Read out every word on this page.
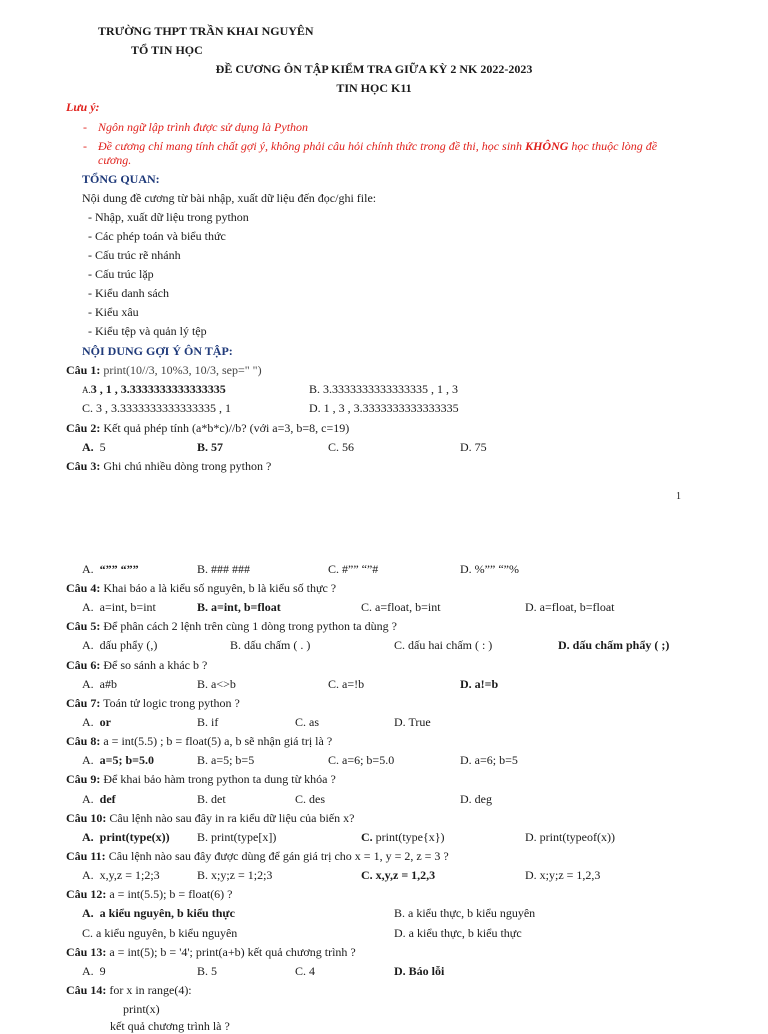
TRƯỜNG THPT TRẦN KHAI NGUYÊN
TỔ TIN HỌC
ĐỀ CƯƠNG ÔN TẬP KIỂM TRA GIỮA KỲ 2 NK 2022-2023
TIN HỌC K11
Lưu ý:
- Ngôn ngữ lập trình được sử dụng là Python
- Đề cương chỉ mang tính chất gợi ý, không phải câu hỏi chính thức trong đề thi, học sinh KHÔNG học thuộc lòng đề
cương.
TỔNG QUAN:
Nội dung đề cương từ bài nhập, xuất dữ liệu đến đọc/ghi file:
- Nhập, xuất dữ liệu trong python
- Các phép toán và biểu thức
- Cấu trúc rẽ nhánh
- Cấu trúc lặp
- Kiểu danh sách
- Kiểu xâu
- Kiểu tệp và quản lý tệp
NỘI DUNG GỢI Ý ÔN TẬP:
Câu 1: print(10//3, 10%3, 10/3, sep=" ")
A.3 , 1 , 3.3333333333333335	B. 3.3333333333333335 , 1 , 3
C. 3 , 3.3333333333333335 , 1	D. 1 , 3 , 3.3333333333333335
Câu 2: Kết quả phép tính (a*b*c)//b? (với a=3, b=8, c=19)
A. 5	B. 57	C. 56	D. 75
Câu 3: Ghi chú nhiều dòng trong python ?
1
A. “”” “””	B. ### ###	C. #”” “”#	D. %”” “”%
Câu 4: Khai báo a là kiểu số nguyên, b là kiểu số thực ?
A. a=int, b=int	B. a=int, b=float	C. a=float, b=int	D. a=float, b=float
Câu 5: Để phân cách 2 lệnh trên cùng 1 dòng trong python ta dùng ?
A. dấu phẩy (,)	B. dấu chấm ( . )	C. dấu hai chấm ( : )	D. dấu chấm phẩy ( ;)
Câu 6: Để so sánh a khác b ?
A. a#b	B. a<>b	C. a=!b	D. a!=b
Câu 7: Toán tử logic trong python ?
A. or	B. if	C. as	D. True
Câu 8: a = int(5.5) ; b = float(5) a, b sẽ nhận giá trị là ?
A. a=5; b=5.0	B. a=5; b=5	C. a=6; b=5.0	D. a=6; b=5
Câu 9: Để khai bảo hàm trong python ta dung từ khóa ?
A. def	B. det	C. des	D. deg
Câu 10: Câu lệnh nào sau đây in ra kiểu dữ liệu của biến x?
A. print(type(x)) B. print(type[x])	C. print(type{x})	D. print(typeof(x))
Câu 11: Câu lệnh nào sau đây được dùng để gán giá trị cho x = 1, y = 2, z = 3 ?
A. x,y,z = 1;2;3	B. x;y;z = 1;2;3	C. x,y,z = 1,2,3	D. x;y;z = 1,2,3
Câu 12: a = int(5.5); b = float(6) ?
A. a kiểu nguyên, b kiểu thực	B. a kiểu thực, b kiểu nguyên
C. a kiểu nguyên, b kiểu nguyên	D. a kiểu thực, b kiểu thực
Câu 13: a = int(5); b = '4'; print(a+b) kết quả chương trình ?
A. 9	B. 5	C. 4	D. Báo lỗi
Câu 14: for x in range(4):
print(x)
kết quả chương trình là ?
